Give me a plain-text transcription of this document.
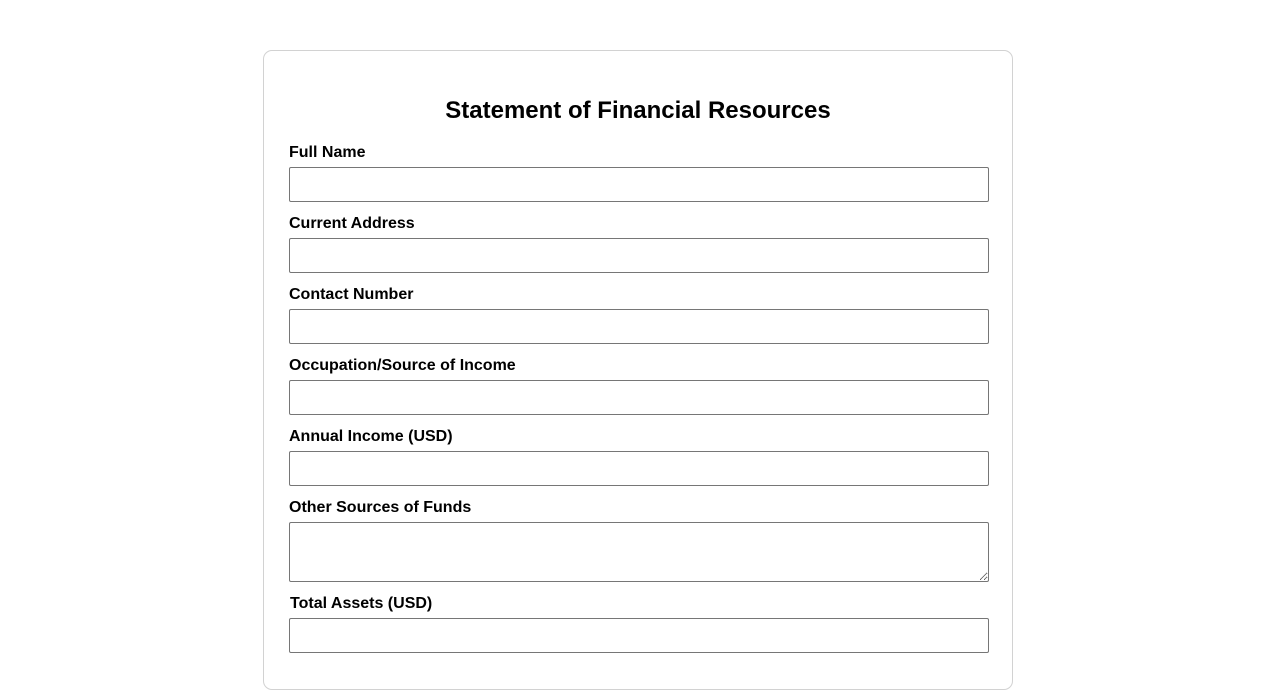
Statement of Financial Resources
Full Name
Current Address
Contact Number
Occupation/Source of Income
Annual Income (USD)
Other Sources of Funds
Total Assets (USD)
